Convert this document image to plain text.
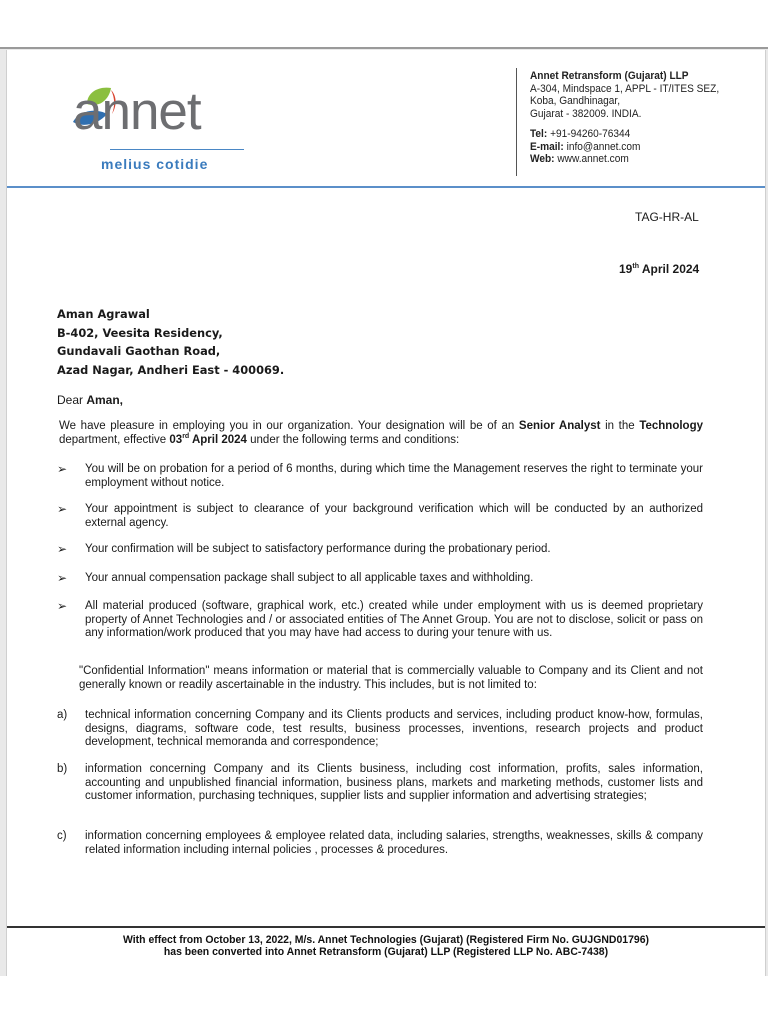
annet
melius cotidie
Annet Retransform (Gujarat) LLP
A-304, Mindspace 1, APPL - IT/ITES SEZ,
Koba, Gandhinagar,
Gujarat - 382009. INDIA.
Tel: +91-94260-76344
E-mail: info@annet.com
Web: www.annet.com
TAG-HR-AL
19th April 2024
Aman Agrawal
B-402, Veesita Residency,
Gundavali Gaothan Road,
Azad Nagar, Andheri East - 400069.
Dear Aman,
We have pleasure in employing you in our organization. Your designation will be of an Senior Analyst in the Technology department, effective 03rd April 2024 under the following terms and conditions:
➢ You will be on probation for a period of 6 months, during which time the Management reserves the right to terminate your employment without notice.
➢ Your appointment is subject to clearance of your background verification which will be conducted by an authorized external agency.
➢ Your confirmation will be subject to satisfactory performance during the probationary period.
➢ Your annual compensation package shall subject to all applicable taxes and withholding.
➢ All material produced (software, graphical work, etc.) created while under employment with us is deemed proprietary property of Annet Technologies and / or associated entities of The Annet Group. You are not to disclose, solicit or pass on any information/work produced that you may have had access to during your tenure with us.
"Confidential Information" means information or material that is commercially valuable to Company and its Client and not generally known or readily ascertainable in the industry. This includes, but is not limited to:
a) technical information concerning Company and its Clients products and services, including product know-how, formulas, designs, diagrams, software code, test results, business processes, inventions, research projects and product development, technical memoranda and correspondence;
b) information concerning Company and its Clients business, including cost information, profits, sales information, accounting and unpublished financial information, business plans, markets and marketing methods, customer lists and customer information, purchasing techniques, supplier lists and supplier information and advertising strategies;
c) information concerning employees & employee related data, including salaries, strengths, weaknesses, skills & company related information including internal policies , processes & procedures.
With effect from October 13, 2022, M/s. Annet Technologies (Gujarat) (Registered Firm No. GUJGND01796)
has been converted into Annet Retransform (Gujarat) LLP (Registered LLP No. ABC-7438)
